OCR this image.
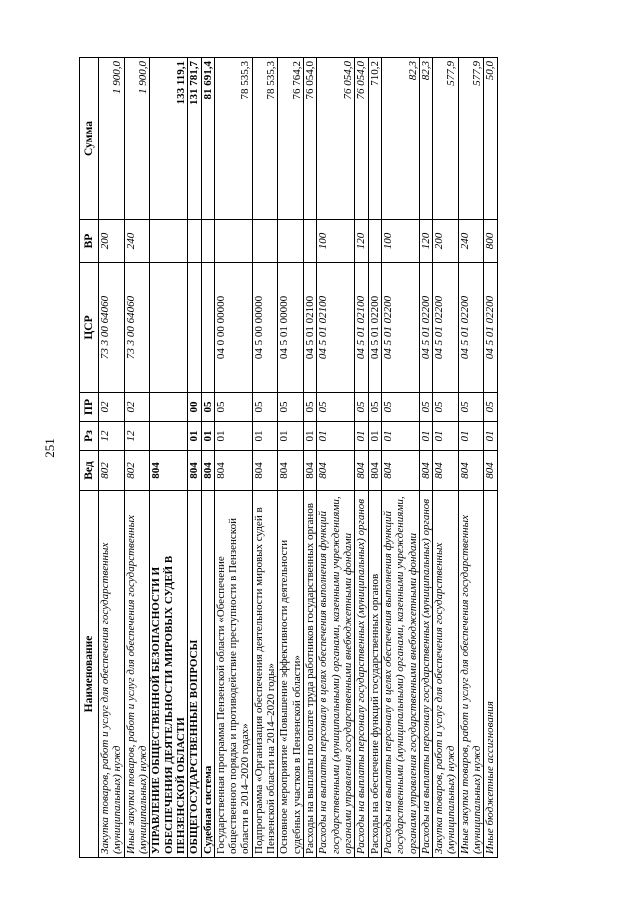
251
Наименование	Вед	Рз	ПР	ЦСР	ВР	Сумма
Закупка товаров, работ и услуг для обеспечения государственных (муниципальных) нужд	802	12	02	73 3 00 64060	200	1 900,0
Иные закупки товаров, работ и услуг для обеспечения государственных (муниципальных) нужд	802	12	02	73 3 00 64060	240	1 900,0
УПРАВЛЕНИЕ ОБЩЕСТВЕННОЙ БЕЗОПАСНОСТИ И ОБЕСПЕЧЕНИЯ ДЕЯТЕЛЬНОСТИ МИРОВЫХ СУДЕЙ В ПЕНЗЕНСКОЙ ОБЛАСТИ	804					133 119,1
ОБЩЕГОСУДАРСТВЕННЫЕ ВОПРОСЫ	804	01	00			131 781,7
Судебная система	804	01	05			81 691,4
Государственная программа Пензенской области «Обеспечение общественного порядка и противодействие преступности в Пензенской области в 2014–2020 годах»	804	01	05	04 0 00 00000		78 535,3
Подпрограмма «Организация обеспечения деятельности мировых судей в Пензенской области на 2014–2020 годы»	804	01	05	04 5 00 00000		78 535,3
Основное мероприятие «Повышение эффективности деятельности судебных участков в Пензенской области»	804	01	05	04 5 01 00000		76 764,2
Расходы на выплаты по оплате труда работников государственных органов	804	01	05	04 5 01 02100		76 054,0
Расходы на выплаты персоналу в целях обеспечения выполнения функций государственными (муниципальными) органами, казенными учреждениями, органами управления государственными внебюджетными фондами	804	01	05	04 5 01 02100	100	76 054,0
Расходы на выплаты персоналу государственных (муниципальных) органов	804	01	05	04 5 01 02100	120	76 054,0
Расходы на обеспечение функций государственных органов	804	01	05	04 5 01 02200		710,2
Расходы на выплаты персоналу в целях обеспечения выполнения функций государственными (муниципальными) органами, казенными учреждениями, органами управления государственными внебюджетными фондами	804	01	05	04 5 01 02200	100	82,3
Расходы на выплаты персоналу государственных (муниципальных) органов	804	01	05	04 5 01 02200	120	82,3
Закупка товаров, работ и услуг для обеспечения государственных (муниципальных) нужд	804	01	05	04 5 01 02200	200	577,9
Иные закупки товаров, работ и услуг для обеспечения государственных (муниципальных) нужд	804	01	05	04 5 01 02200	240	577,9
Иные бюджетные ассигнования	804	01	05	04 5 01 02200	800	50,0
